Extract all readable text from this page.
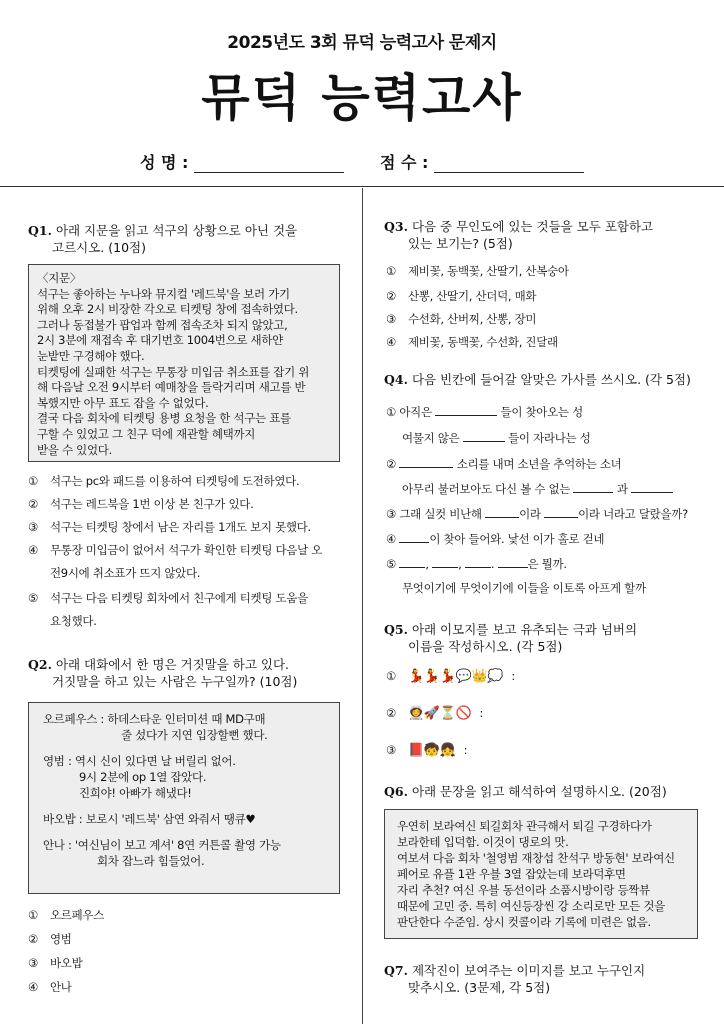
2025년도 3회 뮤덕 능력고사 문제지
뮤덕 능력고사
성 명 :	점 수 :
Q1. 아래 지문을 읽고 석구의 상황으로 아닌 것을
고르시오. (10점)
〈지문〉
석구는 좋아하는 누나와 뮤지컬 '레드북'을 보러 가기
위해 오후 2시 비장한 각오로 티켓팅 창에 접속하였다.
그러나 동접불가 팝업과 함께 접속조차 되지 않았고,
2시 3분에 재접속 후 대기번호 1004번으로 새하얀
눈밭만 구경해야 했다.
티켓팅에 실패한 석구는 무통장 미입금 취소표를 잡기 위
해 다음날 오전 9시부터 예매창을 들락거리며 새고를 반
복했지만 아무 표도 잡을 수 없었다.
결국 다음 회차에 티켓팅 용병 요청을 한 석구는 표를
구할 수 있었고 그 친구 덕에 재관할 혜택까지
받을 수 있었다.
① 석구는 pc와 패드를 이용하여 티켓팅에 도전하였다.
② 석구는 레드북을 1번 이상 본 친구가 있다.
③ 석구는 티켓팅 창에서 남은 자리를 1개도 보지 못했다.
④ 무통장 미입금이 없어서 석구가 확인한 티켓팅 다음날 오
전9시에 취소표가 뜨지 않았다.
⑤ 석구는 다음 티켓팅 회차에서 친구에게 티켓팅 도움을
요청했다.
Q2. 아래 대화에서 한 명은 거짓말을 하고 있다.
거짓말을 하고 있는 사람은 누구일까? (10점)
오르페우스 : 하데스타운 인터미션 때 MD구매
줄 섰다가 지연 입장할뻔 했다.
영범 : 역시 신이 있다면 날 버릴리 없어.
9시 2분에 op 1열 잡았다.
진희야! 아빠가 해냈다!
바오밥 : 보로시 '레드북' 삼연 와줘서 땡큐♥
안나 : '여신님이 보고 계셔' 8연 커튼콜 촬영 가능
회차 잡느라 힘들었어.
① 오르페우스
② 영범
③ 바오밥
④ 안나
Q3. 다음 중 무인도에 있는 것들을 모두 포함하고
있는 보기는? (5점)
① 제비꽃, 동백꽃, 산딸기, 산복숭아
② 산뽕, 산딸기, 산더덕, 매화
③ 수선화, 산버찌, 산뽕, 장미
④ 제비꽃, 동백꽃, 수선화, 진달래
Q4. 다음 빈칸에 들어갈 알맞은 가사를 쓰시오. (각 5점)
① 아직은	들이 찾아오는 성
여물지 않은	들이 자라나는 성
②	소리를 내며 소년을 추억하는 소녀
아무리 불러보아도 다신 볼 수 없는	과
③ 그래 실컷 비난해	이라	이라 너라고 달랐을까?
④	이 찾아 들어와. 낯선 이가 홀로 걷네
⑤	,	,	.	은 뭘까.
무엇이기에 무엇이기에 이들을 이토록 아프게 할까
Q5. 아래 이모지를 보고 유추되는 극과 넘버의
이름을 작성하시오. (각 5점)
① 💃💃💃💬👑💭 :
② 👩‍🚀🚀⏳🚫 :
③ 📕🧒👧 :
Q6. 아래 문장을 읽고 해석하여 설명하시오. (20점)
우연히 보라여신 퇴길회차 관극해서 퇴길 구경하다가
보라한테 입덕함. 이것이 댕로의 맛.
여보셔 다음 회차 '철영범 재창섭 찬석구 방동현' 보라여신
페어로 유플 1관 우블 3열 잡았는데 보라덕후면
자리 추천? 여신 우블 동선이라 소품시방이랑 등짝뷰
때문에 고민 중. 특히 여신등장씬 강 소리로만 모든 것을
판단한다 수준임. 상시 컷콜이라 기록에 미련은 없음.
Q7. 제작진이 보여주는 이미지를 보고 누구인지
맞추시오. (3문제, 각 5점)
